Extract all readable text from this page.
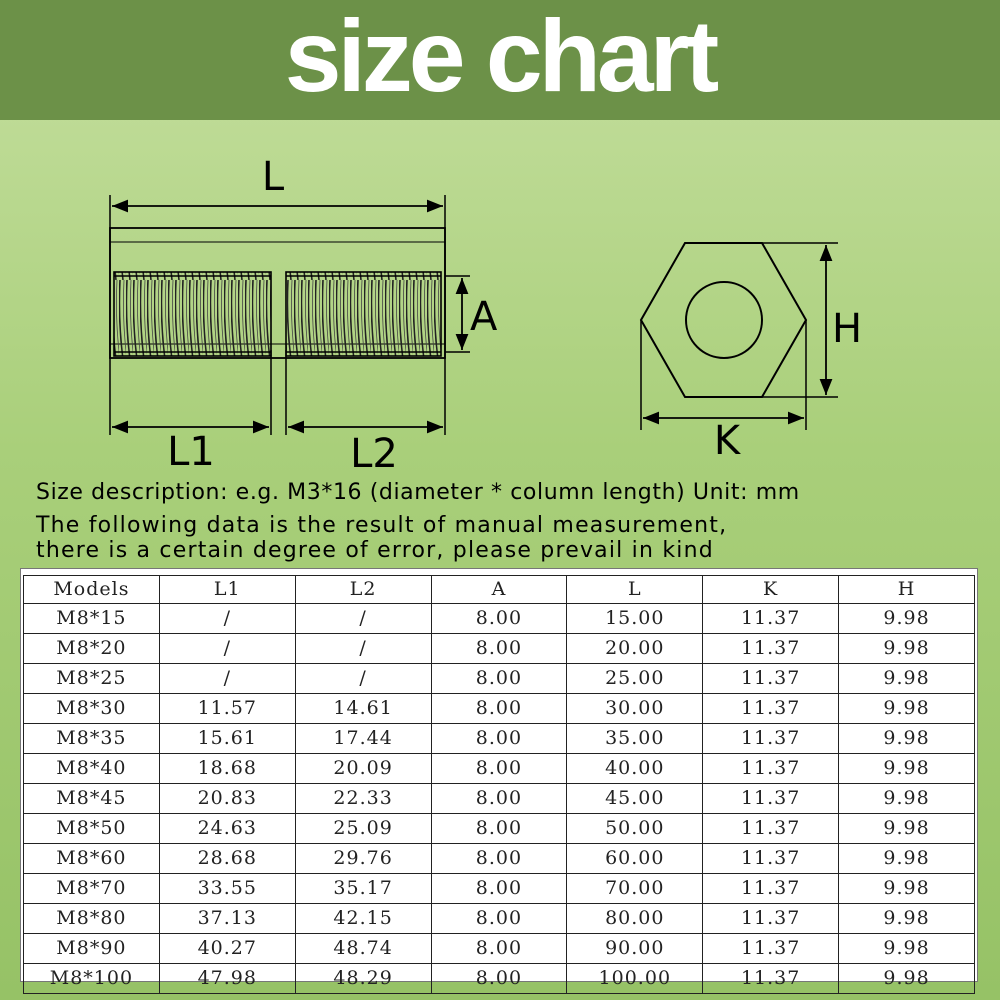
size chart
L
A
L1	L2
H
K

Size description: e.g. M3*16 (diameter * column length) Unit: mm

The following data is the result of manual measurement,
there is a certain degree of error, please prevail in kind

Models	L1	L2	A	L	K	H
M8*15	/	/	8.00	15.00	11.37	9.98
M8*20	/	/	8.00	20.00	11.37	9.98
M8*25	/	/	8.00	25.00	11.37	9.98
M8*30	11.57	14.61	8.00	30.00	11.37	9.98
M8*35	15.61	17.44	8.00	35.00	11.37	9.98
M8*40	18.68	20.09	8.00	40.00	11.37	9.98
M8*45	20.83	22.33	8.00	45.00	11.37	9.98
M8*50	24.63	25.09	8.00	50.00	11.37	9.98
M8*60	28.68	29.76	8.00	60.00	11.37	9.98
M8*70	33.55	35.17	8.00	70.00	11.37	9.98
M8*80	37.13	42.15	8.00	80.00	11.37	9.98
M8*90	40.27	48.74	8.00	90.00	11.37	9.98
M8*100	47.98	48.29	8.00	100.00	11.37	9.98
